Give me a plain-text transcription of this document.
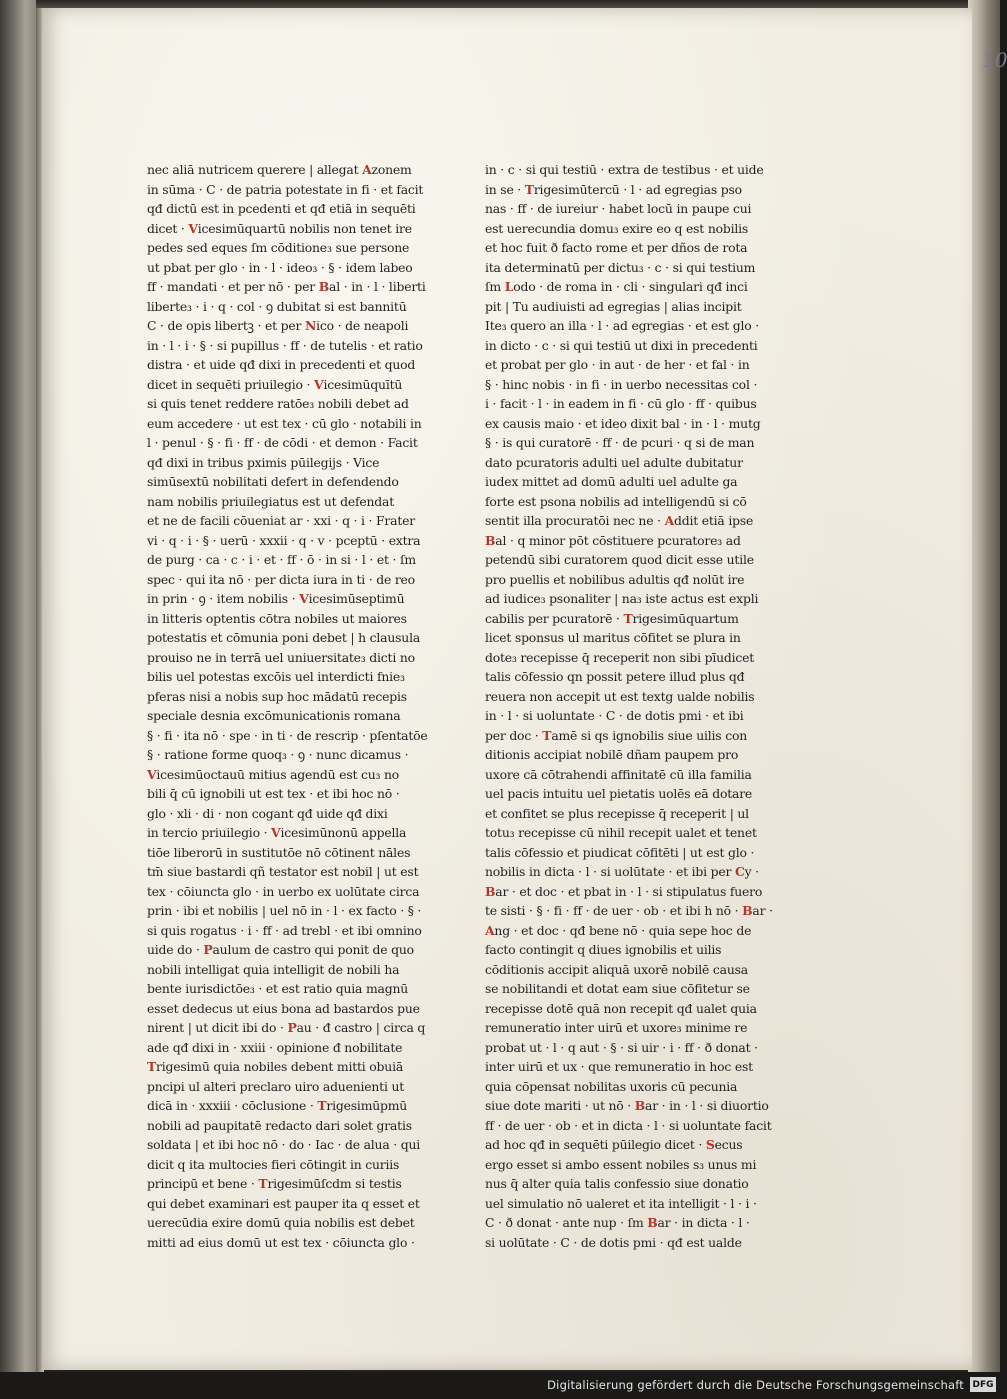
10
nec aliā nutricem querere | allegat Azonem
in sūma · C · de patria potestate in fi · et facit
qđ dictū est in pcedenti et qđ etiā in sequēti
dicet · Vicesimūquartū nobilis non tenet ire
pedes sed eques ſm cōditione₃ sue persone
ut pbat per glo · in · l · ideo₃ · § · idem labeo
ff · mandati · et per nō · per Bal · in · l · liberti
liberte₃ · i · q · col · ꝯ dubitat si est bannitū
C · de opis libertꝫ · et per Nico · de neapoli
in · l · i · § · si pupillus · ff · de tutelis · et ratio
distra · et uide qđ dixi in precedenti et quod
dicet in sequēti priuilegio · Vicesimūquītū
si quis tenet reddere ratōe₃ nobili debet ad
eum accedere · ut est tex · cū glo · notabili in
l · penul · § · fi · ff · de cōdi · et demon · Facit
qđ dixi in tribus pximis pūilegijs · Vice
simūsextū nobilitati defert in defendendo
nam nobilis priuilegiatus est ut defendat
et ne de facili cōueniat ar · xxi · q · i · Frater
vi · q · i · § · uerū · xxxii · q · v · pceptū · extra
de purg · ca · c · i · et · ff · ō · in si · l · et · ſm
spec · qui ita nō · per dicta iura in ti · de reo
in prin · ꝯ · item nobilis · Vicesimūseptimū
in litteris optentis cōtra nobiles ut maiores
potestatis et cōmunia poni debet | h clausula
prouiso ne in terrā uel uniuersitate₃ dicti no
bilis uel potestas excōis uel interdicti fnie₃
pferas nisi a nobis sup hoc mādatū recepis
speciale desnia excōmunicationis romana
§ · fi · ita nō · spe · in ti · de rescrip · pſentatōe
§ · ratione forme quoq₃ · ꝯ · nunc dicamus ·
Vicesimūoctauū mitius agendū est cu₃ no
bili q̄ cū ignobili ut est tex · et ibi hoc nō ·
glo · xli · di · non cogant qđ uide qđ dixi
in tercio priuilegio · Vicesimūnonū appella
tiōe liberorū in sustitutōe nō cōtinent nāles
tm̄ siue bastardi qñ testator est nobil | ut est
tex · cōiuncta glo · in uerbo ex uolūtate circa
prin · ibi et nobilis | uel nō in · l · ex facto · § ·
si quis rogatus · i · ff · ad trebl · et ibi omnino
uide do · Paulum de castro qui ponit de quo
nobili intelligat quia intelligit de nobili ha
bente iurisdictōe₃ · et est ratio quia magnū
esset dedecus ut eius bona ad bastardos pue
nirent | ut dicit ibi do · Pau · đ castro | circa q
ade qđ dixi in · xxiii · opinione đ nobilitate
Trigesimū quia nobiles debent mitti obuiā
pncipi ul alteri preclaro uiro aduenienti ut
dicā in · xxxiii · cōclusione · Trigesimūpmū
nobili ad paupitatē redacto dari solet gratis
soldata | et ibi hoc nō · do · Iac · de alua · qui
dicit q ita multocies fieri cōtingit in curiis
principū et bene · Trigesimūſcdm si testis
qui debet examinari est pauper ita q esset et
uerecūdia exire domū quia nobilis est debet
mitti ad eius domū ut est tex · cōiuncta glo ·
in · c · si qui testiū · extra de testibus · et uide
in se · Trigesimūtercū · l · ad egregias pso
nas · ff · de iureiur · habet locū in paupe cui
est uerecundia domu₃ exire eo q est nobilis
et hoc fuit ð facto rome et per dños de rota
ita determinatū per dictu₃ · c · si qui testium
ſm Lodo · de roma in · cli · singulari qđ inci
pit | Tu audiuisti ad egregias | alias incipit
Ite₃ quero an illa · l · ad egregias · et est glo ·
in dicto · c · si qui testiū ut dixi in precedenti
et probat per glo · in aut · de her · et fal · in
§ · hinc nobis · in fi · in uerbo necessitas col ·
i · facit · l · in eadem in fi · cū glo · ff · quibus
ex causis maio · et ideo dixit bal · in · l · mutg
§ · is qui curatorē · ff · de pcuri · q si de man
dato pcuratoris adulti uel adulte dubitatur
iudex mittet ad domū adulti uel adulte ga
forte est psona nobilis ad intelligendū si cō
sentit illa procuratōi nec ne · Addit etiā ipse
Bal · q minor pōt cōstituere pcuratore₃ ad
petendū sibi curatorem quod dicit esse utile
pro puellis et nobilibus adultis qđ nolūt ire
ad iudice₃ psonaliter | na₃ iste actus est expli
cabilis per pcuratorē · Trigesimūquartum
licet sponsus ul maritus cōfitet se plura in
dote₃ recepisse q̄ receperit non sibi pīudicet
talis cōfessio qn possit petere illud plus qđ
reuera non accepit ut est textg ualde nobilis
in · l · si uoluntate · C · de dotis pmi · et ibi
per doc · Tamē si qs ignobilis siue uilis con
ditionis accipiat nobilē dñam paupem pro
uxore cā cōtrahendi affinitatē cū illa familia
uel pacis intuitu uel pietatis uolēs eā dotare
et confitet se plus recepisse q̄ receperit | ul
totu₃ recepisse cū nihil recepit ualet et tenet
talis cōfessio et piudicat cōfitēti | ut est glo ·
nobilis in dicta · l · si uolūtate · et ibi per C
Bar · et doc · et pbat in · l · si stipulatus fuero
te sisti · § · fi · ff · de uer · ob · et ibi h nō · B
Ang · et doc · qđ bene nō · quia sepe hoc de
facto contingit q diues ignobilis et uilis
cōditionis accipit aliquā uxorē nobilē causa
se nobilitandi et dotat eam siue cōfitetur se
recepisse dotē quā non recepit qđ ualet quia
remuneratio inter uirū et uxore₃ minime re
probat ut · l · q aut · § · si uir · i · ff · ð donat ·
inter uirū et ux · que remuneratio in hoc est
quia cōpensat nobilitas uxoris cū pecunia
siue dote mariti · ut nō · Bar · in · l · si diuortio
ff · de uer · ob · et in dicta · l · si uoluntate facit
ad hoc qđ in sequēti pūilegio dicet · Secus
ergo esset si ambo essent nobiles s₃ unus mi
nus q̄ alter quia talis confessio siue donatio
uel simulatio nō ualeret et ita intelligit · l · i ·
C · ð donat · ante nup · ſm Bar · in dicta · l ·
si uolūtate · C · de dotis pmi · qđ est ualde
Digitalisierung gefördert durch die Deutsche Forschungsgemeinschaft DFG
